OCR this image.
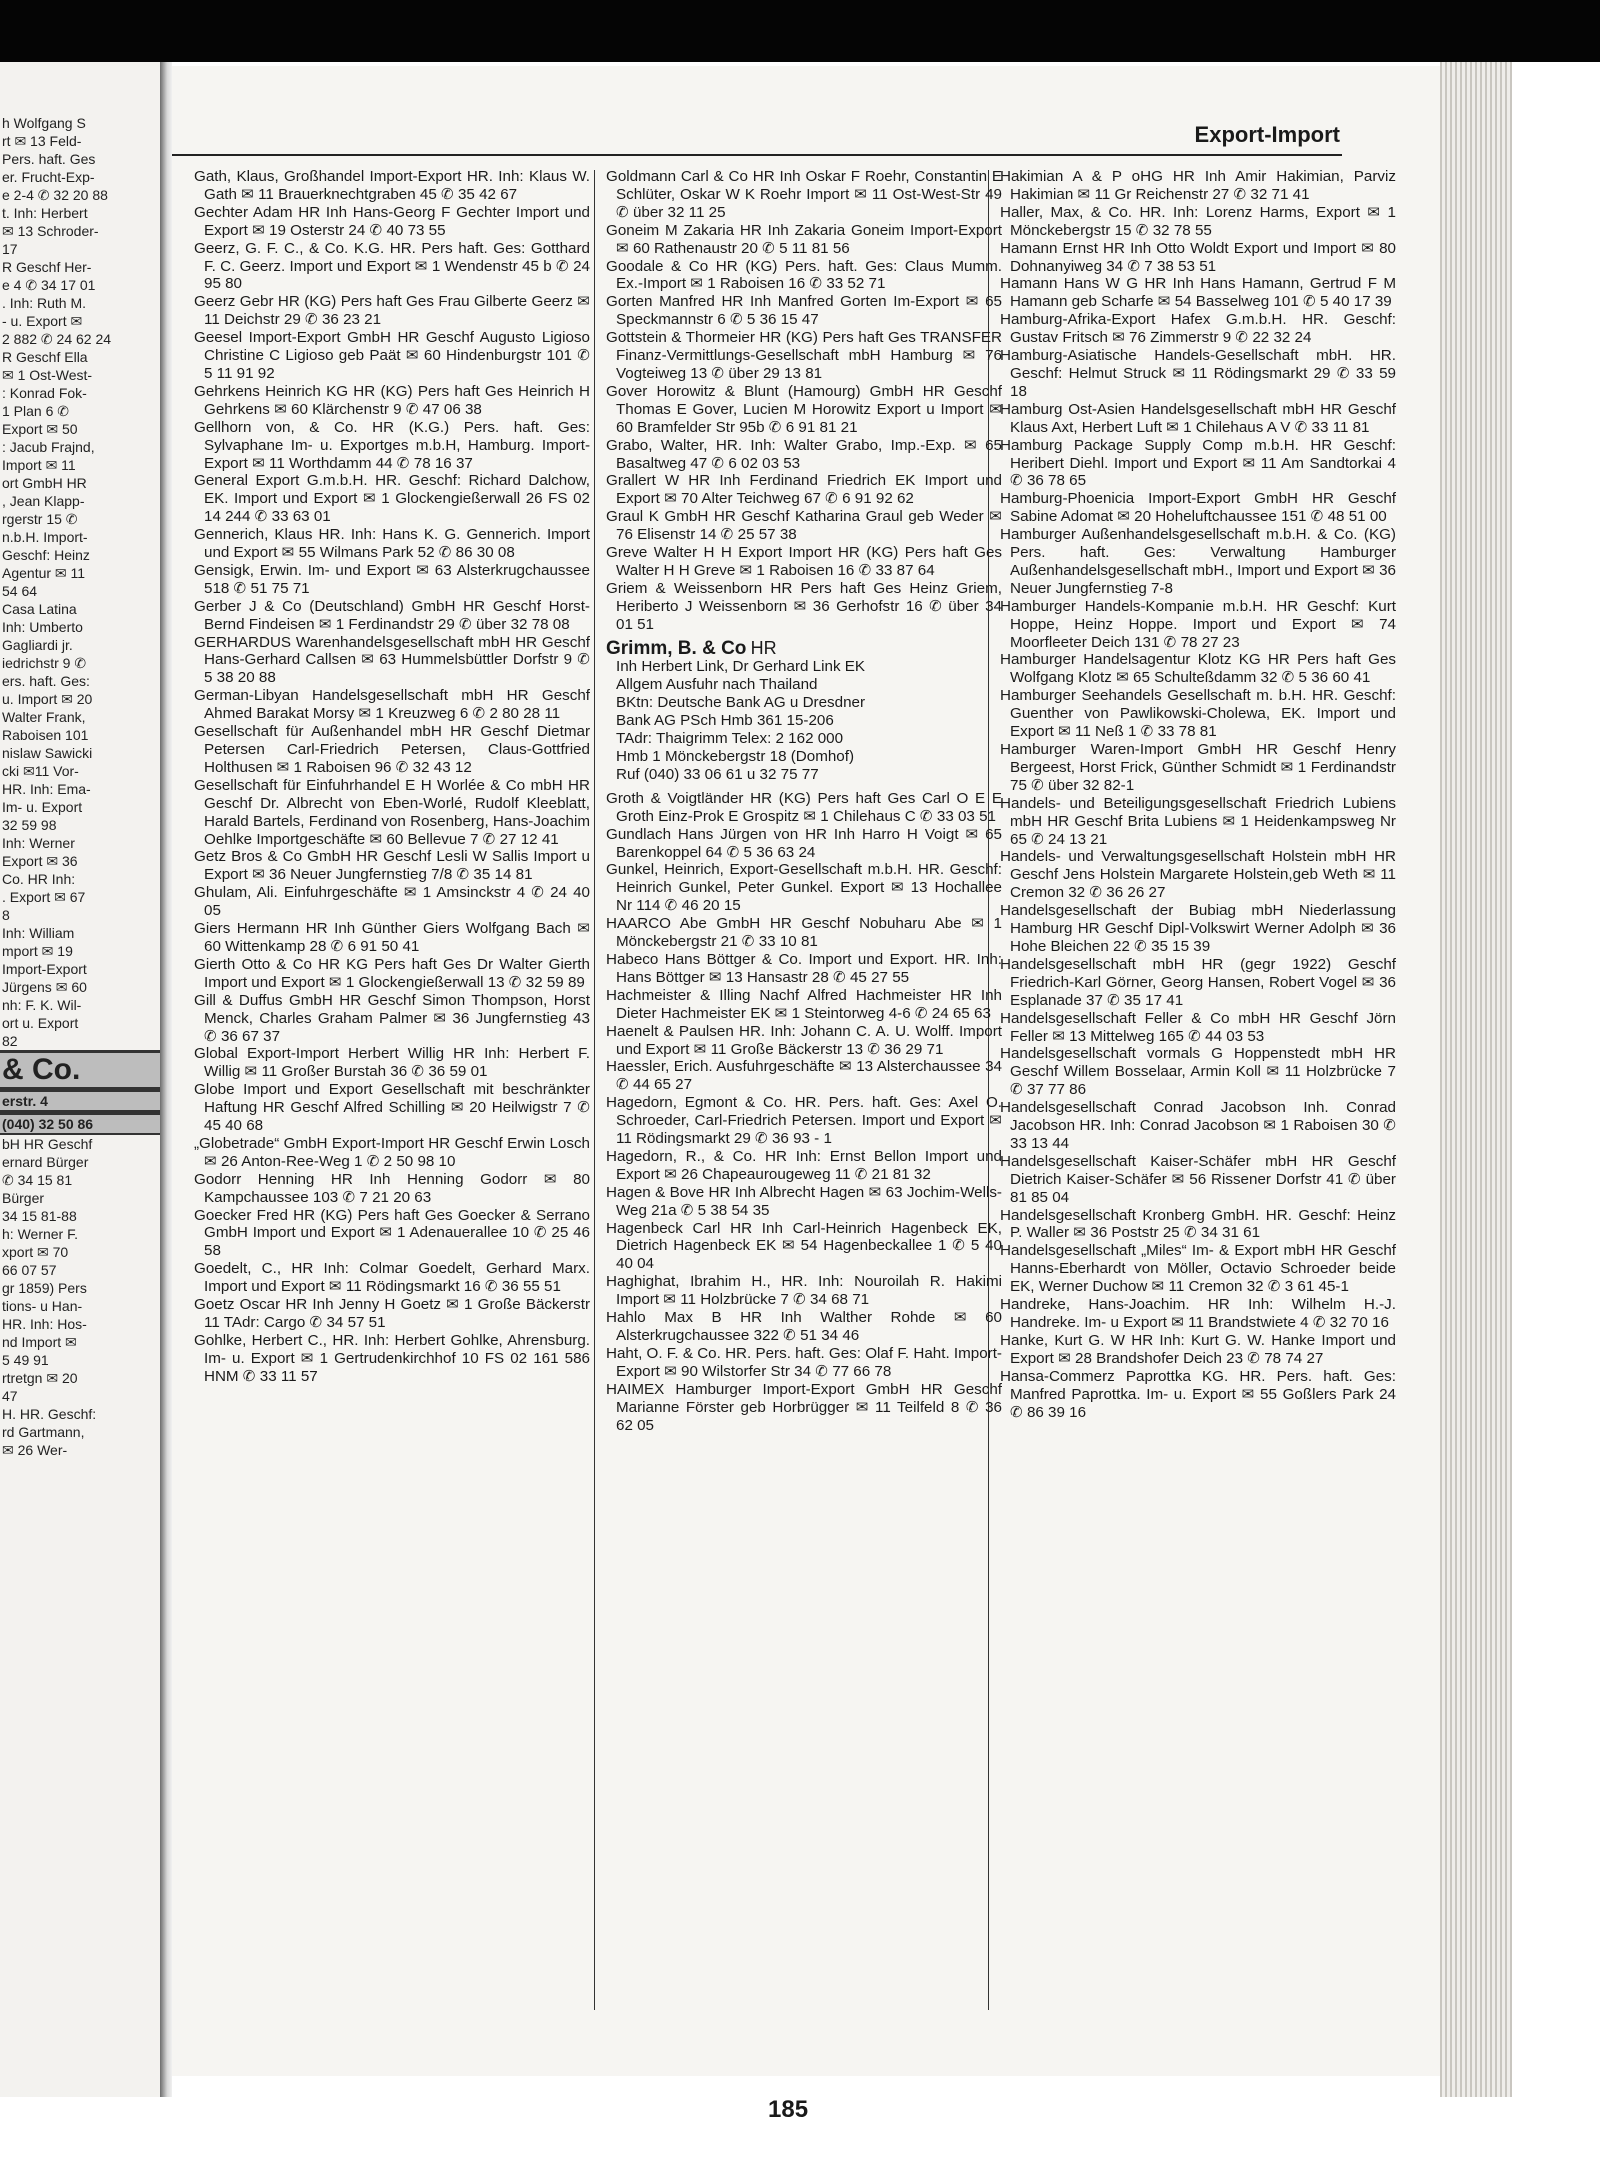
h Wolfgang S
rt ✉ 13 Feld-
Pers. haft. Ges
er. Frucht-Exp-
e 2-4 ✆ 32 20 88
t. Inh: Herbert
✉ 13 Schroder-
17
R Geschf Her-
e 4 ✆ 34 17 01
. Inh: Ruth M.
- u. Export ✉
2 882 ✆ 24 62 24
R Geschf Ella
✉ 1 Ost-West-
: Konrad Fok-
1 Plan 6 ✆
Export ✉ 50
: Jacub Frajnd,
Import ✉ 11
ort GmbH HR
, Jean Klapp-
rgerstr 15 ✆
n.b.H. Import-
Geschf: Heinz
Agentur ✉ 11
54 64
Casa Latina
Inh: Umberto
Gagliardi jr.
iedrichstr 9 ✆
ers. haft. Ges:
u. Import ✉ 20
Walter Frank,
Raboisen 101
nislaw Sawicki
cki ✉11 Vor-
HR. Inh: Ema-
Im- u. Export
32 59 98
Inh: Werner
Export ✉ 36
Co. HR Inh:
. Export ✉ 67
8
Inh: William
mport ✉ 19
Import-Export
Jürgens ✉ 60
nh: F. K. Wil-
ort u. Export
82
& Co.
erstr. 4
(040) 32 50 86
bH HR Geschf
ernard Bürger
✆ 34 15 81
Bürger
34 15 81-88
h: Werner F.
xport ✉ 70
66 07 57
gr 1859) Pers
tions- u Han-
HR. Inh: Hos-
nd Import ✉
5 49 91
rtretgn ✉ 20
47
H. HR. Geschf:
rd Gartmann,
✉ 26 Wer-
Export-Import
Gath, Klaus, Großhandel Import-Export HR. Inh: Klaus W. Gath ✉ 11 Brauerknechtgraben 45 ✆ 35 42 67
Gechter Adam HR Inh Hans-Georg F Gechter Import und Export ✉ 19 Osterstr 24 ✆ 40 73 55
Geerz, G. F. C., & Co. K.G. HR. Pers haft. Ges: Gotthard F. C. Geerz. Import und Export ✉ 1 Wendenstr 45 b ✆ 24 95 80
Geerz Gebr HR (KG) Pers haft Ges Frau Gilberte Geerz ✉ 11 Deichstr 29 ✆ 36 23 21
Geesel Import-Export GmbH HR Geschf Augusto Ligioso Christine C Ligioso geb Paät ✉ 60 Hindenburgstr 101 ✆ 5 11 91 92
Gehrkens Heinrich KG HR (KG) Pers haft Ges Heinrich H Gehrkens ✉ 60 Klärchenstr 9 ✆ 47 06 38
Gellhorn von, & Co. HR (K.G.) Pers. haft. Ges: Sylvaphane Im- u. Exportges m.b.H, Hamburg. Import-Export ✉ 11 Worthdamm 44 ✆ 78 16 37
General Export G.m.b.H. HR. Geschf: Richard Dalchow, EK. Import und Export ✉ 1 Glockengießerwall 26 FS 02 14 244 ✆ 33 63 01
Gennerich, Klaus HR. Inh: Hans K. G. Gennerich. Import und Export ✉ 55 Wilmans Park 52 ✆ 86 30 08
Gensigk, Erwin. Im- und Export ✉ 63 Alsterkrugchaussee 518 ✆ 51 75 71
Gerber J & Co (Deutschland) GmbH HR Geschf Horst-Bernd Findeisen ✉ 1 Ferdinandstr 29 ✆ über 32 78 08
GERHARDUS Warenhandelsgesellschaft mbH HR Geschf Hans-Gerhard Callsen ✉ 63 Hummelsbüttler Dorfstr 9 ✆ 5 38 20 88
German-Libyan Handelsgesellschaft mbH HR Geschf Ahmed Barakat Morsy ✉ 1 Kreuzweg 6 ✆ 2 80 28 11
Gesellschaft für Außenhandel mbH HR Geschf Dietmar Petersen Carl-Friedrich Petersen, Claus-Gottfried Holthusen ✉ 1 Raboisen 96 ✆ 32 43 12
Gesellschaft für Einfuhrhandel E H Worlée & Co mbH HR Geschf Dr. Albrecht von Eben-Worlé, Rudolf Kleeblatt, Harald Bartels, Ferdinand von Rosenberg, Hans-Joachim Oehlke Importgeschäfte ✉ 60 Bellevue 7 ✆ 27 12 41
Getz Bros & Co GmbH HR Geschf Lesli W Sallis Import u Export ✉ 36 Neuer Jungfernstieg 7/8 ✆ 35 14 81
Ghulam, Ali. Einfuhrgeschäfte ✉ 1 Amsinckstr 4 ✆ 24 40 05
Giers Hermann HR Inh Günther Giers Wolfgang Bach ✉ 60 Wittenkamp 28 ✆ 6 91 50 41
Gierth Otto & Co HR KG Pers haft Ges Dr Walter Gierth Import und Export ✉ 1 Glockengießerwall 13 ✆ 32 59 89
Gill & Duffus GmbH HR Geschf Simon Thompson, Horst Menck, Charles Graham Palmer ✉ 36 Jungfernstieg 43 ✆ 36 67 37
Global Export-Import Herbert Willig HR Inh: Herbert F. Willig ✉ 11 Großer Burstah 36 ✆ 36 59 01
Globe Import und Export Gesellschaft mit beschränkter Haftung HR Geschf Alfred Schilling ✉ 20 Heilwigstr 7 ✆ 45 40 68
„Globetrade“ GmbH Export-Import HR Geschf Erwin Losch ✉ 26 Anton-Ree-Weg 1 ✆ 2 50 98 10
Godorr Henning HR Inh Henning Godorr ✉ 80 Kampchaussee 103 ✆ 7 21 20 63
Goecker Fred HR (KG) Pers haft Ges Goecker & Serrano GmbH Import und Export ✉ 1 Adenauerallee 10 ✆ 25 46 58
Goedelt, C., HR Inh: Colmar Goedelt, Gerhard Marx. Import und Export ✉ 11 Rödingsmarkt 16 ✆ 36 55 51
Goetz Oscar HR Inh Jenny H Goetz ✉ 1 Große Bäckerstr 11 TAdr: Cargo ✆ 34 57 51
Gohlke, Herbert C., HR. Inh: Herbert Gohlke, Ahrensburg. Im- u. Export ✉ 1 Gertrudenkirchhof 10 FS 02 161 586 HNM ✆ 33 11 57
Goldmann Carl & Co HR Inh Oskar F Roehr, Constantin E Schlüter, Oskar W K Roehr Import ✉ 11 Ost-West-Str 49 ✆ über 32 11 25
Goneim M Zakaria HR Inh Zakaria Goneim Import-Export ✉ 60 Rathenaustr 20 ✆ 5 11 81 56
Goodale & Co HR (KG) Pers. haft. Ges: Claus Mumm. Ex.-Import ✉ 1 Raboisen 16 ✆ 33 52 71
Gorten Manfred HR Inh Manfred Gorten Im-Export ✉ 65 Speckmannstr 6 ✆ 5 36 15 47
Gottstein & Thormeier HR (KG) Pers haft Ges TRANSFER Finanz-Vermittlungs-Gesellschaft mbH Hamburg ✉ 76 Vogteiweg 13 ✆ über 29 13 81
Gover Horowitz & Blunt (Hamourg) GmbH HR Geschf Thomas E Gover, Lucien M Horowitz Export u Import ✉ 60 Bramfelder Str 95b ✆ 6 91 81 21
Grabo, Walter, HR. Inh: Walter Grabo, Imp.-Exp. ✉ 65 Basaltweg 47 ✆ 6 02 03 53
Grallert W HR Inh Ferdinand Friedrich EK Import und Export ✉ 70 Alter Teichweg 67 ✆ 6 91 92 62
Graul K GmbH HR Geschf Katharina Graul geb Weder ✉ 76 Elisenstr 14 ✆ 25 57 38
Greve Walter H H Export Import HR (KG) Pers haft Ges Walter H H Greve ✉ 1 Raboisen 16 ✆ 33 87 64
Griem & Weissenborn HR Pers haft Ges Heinz Griem, Heriberto J Weissenborn ✉ 36 Gerhofstr 16 ✆ über 34 01 51
Grimm, B. & Co HR
Inh Herbert Link, Dr Gerhard Link EK
Allgem Ausfuhr nach Thailand
BKtn: Deutsche Bank AG u Dresdner
Bank AG PSch Hmb 361 15-206
TAdr: Thaigrimm Telex: 2 162 000
Hmb 1 Mönckebergstr 18 (Domhof)
Ruf (040) 33 06 61 u 32 75 77
Groth & Voigtländer HR (KG) Pers haft Ges Carl O E E Groth Einz-Prok E Grospitz ✉ 1 Chilehaus C ✆ 33 03 51
Gundlach Hans Jürgen von HR Inh Harro H Voigt ✉ 65 Barenkoppel 64 ✆ 5 36 63 24
Gunkel, Heinrich, Export-Gesellschaft m.b.H. HR. Geschf: Heinrich Gunkel, Peter Gunkel. Export ✉ 13 Hochallee Nr 114 ✆ 46 20 15
HAARCO Abe GmbH HR Geschf Nobuharu Abe ✉ 1 Mönckebergstr 21 ✆ 33 10 81
Habeco Hans Böttger & Co. Import und Export. HR. Inh: Hans Böttger ✉ 13 Hansastr 28 ✆ 45 27 55
Hachmeister & Illing Nachf Alfred Hachmeister HR Inh Dieter Hachmeister EK ✉ 1 Steintorweg 4-6 ✆ 24 65 63
Haenelt & Paulsen HR. Inh: Johann C. A. U. Wolff. Import und Export ✉ 11 Große Bäckerstr 13 ✆ 36 29 71
Haessler, Erich. Ausfuhrgeschäfte ✉ 13 Alsterchaussee 34 ✆ 44 65 27
Hagedorn, Egmont & Co. HR. Pers. haft. Ges: Axel O. Schroeder, Carl-Friedrich Petersen. Import und Export ✉ 11 Rödingsmarkt 29 ✆ 36 93 - 1
Hagedorn, R., & Co. HR Inh: Ernst Bellon Import und Export ✉ 26 Chapeaurougeweg 11 ✆ 21 81 32
Hagen & Bove HR Inh Albrecht Hagen ✉ 63 Jochim-Wells-Weg 21a ✆ 5 38 54 35
Hagenbeck Carl HR Inh Carl-Heinrich Hagenbeck EK, Dietrich Hagenbeck EK ✉ 54 Hagenbeckallee 1 ✆ 5 40 40 04
Haghighat, Ibrahim H., HR. Inh: Nouroilah R. Hakimi Import ✉ 11 Holzbrücke 7 ✆ 34 68 71
Hahlo Max B HR Inh Walther Rohde ✉ 60 Alsterkrugchaussee 322 ✆ 51 34 46
Haht, O. F. & Co. HR. Pers. haft. Ges: Olaf F. Haht. Import-Export ✉ 90 Wilstorfer Str 34 ✆ 77 66 78
HAIMEX Hamburger Import-Export GmbH HR Geschf Marianne Förster geb Horbrügger ✉ 11 Teilfeld 8 ✆ 36 62 05
Hakimian A & P oHG HR Inh Amir Hakimian, Parviz Hakimian ✉ 11 Gr Reichenstr 27 ✆ 32 71 41
Haller, Max, & Co. HR. Inh: Lorenz Harms, Export ✉ 1 Mönckebergstr 15 ✆ 32 78 55
Hamann Ernst HR Inh Otto Woldt Export und Import ✉ 80 Dohnanyiweg 34 ✆ 7 38 53 51
Hamann Hans W G HR Inh Hans Hamann, Gertrud F M Hamann geb Scharfe ✉ 54 Basselweg 101 ✆ 5 40 17 39
Hamburg-Afrika-Export Hafex G.m.b.H. HR. Geschf: Gustav Fritsch ✉ 76 Zimmerstr 9 ✆ 22 32 24
Hamburg-Asiatische Handels-Gesellschaft mbH. HR. Geschf: Helmut Struck ✉ 11 Rödingsmarkt 29 ✆ 33 59 18
Hamburg Ost-Asien Handelsgesellschaft mbH HR Geschf Klaus Axt, Herbert Luft ✉ 1 Chilehaus A V ✆ 33 11 81
Hamburg Package Supply Comp m.b.H. HR Geschf: Heribert Diehl. Import und Export ✉ 11 Am Sandtorkai 4 ✆ 36 78 65
Hamburg-Phoenicia Import-Export GmbH HR Geschf Sabine Adomat ✉ 20 Hoheluftchaussee 151 ✆ 48 51 00
Hamburger Außenhandelsgesellschaft m.b.H. & Co. (KG) Pers. haft. Ges: Verwaltung Hamburger Außenhandelsgesellschaft mbH., Import und Export ✉ 36 Neuer Jungfernstieg 7-8
Hamburger Handels-Kompanie m.b.H. HR Geschf: Kurt Hoppe, Heinz Hoppe. Import und Export ✉ 74 Moorfleeter Deich 131 ✆ 78 27 23
Hamburger Handelsagentur Klotz KG HR Pers haft Ges Wolfgang Klotz ✉ 65 Schulteßdamm 32 ✆ 5 36 60 41
Hamburger Seehandels Gesellschaft m. b.H. HR. Geschf: Guenther von Pawlikowski-Cholewa, EK. Import und Export ✉ 11 Neß 1 ✆ 33 78 81
Hamburger Waren-Import GmbH HR Geschf Henry Bergeest, Horst Frick, Günther Schmidt ✉ 1 Ferdinandstr 75 ✆ über 32 82-1
Handels- und Beteiligungsgesellschaft Friedrich Lubiens mbH HR Geschf Brita Lubiens ✉ 1 Heidenkampsweg Nr 65 ✆ 24 13 21
Handels- und Verwaltungsgesellschaft Holstein mbH HR Geschf Jens Holstein Margarete Holstein,geb Weth ✉ 11 Cremon 32 ✆ 36 26 27
Handelsgesellschaft der Bubiag mbH Niederlassung Hamburg HR Geschf Dipl-Volkswirt Werner Adolph ✉ 36 Hohe Bleichen 22 ✆ 35 15 39
Handelsgesellschaft mbH HR (gegr 1922) Geschf Friedrich-Karl Görner, Georg Hansen, Robert Vogel ✉ 36 Esplanade 37 ✆ 35 17 41
Handelsgesellschaft Feller & Co mbH HR Geschf Jörn Feller ✉ 13 Mittelweg 165 ✆ 44 03 53
Handelsgesellschaft vormals G Hoppenstedt mbH HR Geschf Willem Bosselaar, Armin Koll ✉ 11 Holzbrücke 7 ✆ 37 77 86
Handelsgesellschaft Conrad Jacobson Inh. Conrad Jacobson HR. Inh: Conrad Jacobson ✉ 1 Raboisen 30 ✆ 33 13 44
Handelsgesellschaft Kaiser-Schäfer mbH HR Geschf Dietrich Kaiser-Schäfer ✉ 56 Rissener Dorfstr 41 ✆ über 81 85 04
Handelsgesellschaft Kronberg GmbH. HR. Geschf: Heinz P. Waller ✉ 36 Poststr 25 ✆ 34 31 61
Handelsgesellschaft „Miles“ Im- & Export mbH HR Geschf Hanns-Eberhardt von Möller, Octavio Schroeder beide EK, Werner Duchow ✉ 11 Cremon 32 ✆ 3 61 45-1
Handreke, Hans-Joachim. HR Inh: Wilhelm H.-J. Handreke. Im- u Export ✉ 11 Brandstwiete 4 ✆ 32 70 16
Hanke, Kurt G. W HR Inh: Kurt G. W. Hanke Import und Export ✉ 28 Brandshofer Deich 23 ✆ 78 74 27
Hansa-Commerz Paprottka KG. HR. Pers. haft. Ges: Manfred Paprottka. Im- u. Export ✉ 55 Goßlers Park 24 ✆ 86 39 16
185
